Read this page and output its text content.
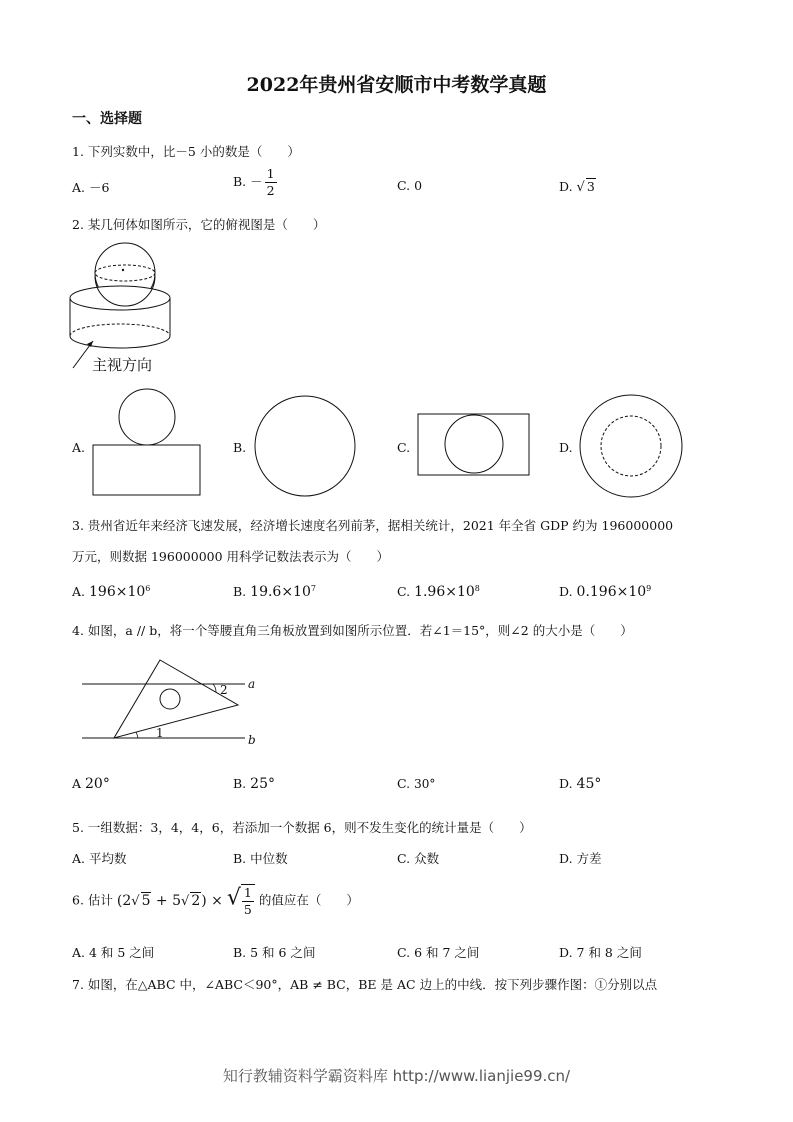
2022年贵州省安顺市中考数学真题
一、选择题
1. 下列实数中，比－5 小的数是（　　）
A. －6	B. － $\frac{1}{2}$	C. 0	D. √ 3
2. 某几何体如图所示，它的俯视图是（　　）
主视方向
A.	B.	C.	D.
3. 贵州省近年来经济飞速发展，经济增长速度名列前茅，据相关统计，2021 年全省 GDP 约为 196000000
万元，则数据 196000000 用科学记数法表示为（　　）
A. $196\times 10^6$	B. $19.6\times 10^7$	C. $1.96\times 10^8$	D. $0.196\times 10^9$
4. 如图，a // b，将一个等腰直角三角板放置到如图所示位置．若∠1＝15°，则∠2 的大小是（　　）
a
b
1
2
A 20°	B. 25°	C. 30°	D. 45°
5. 一组数据：3，4，4，6，若添加一个数据 6，则不发生变化的统计量是（　　）
A. 平均数	B. 中位数	C. 众数	D. 方差
6. 估计 (2√ 5 + 5√ 2) × √ $\frac{1}{5}$ 的值应在（　　）
A. 4 和 5 之间	B. 5 和 6 之间	C. 6 和 7 之间	D. 7 和 8 之间
7. 如图，在△ABC 中，∠ABC＜90°，AB ≠ BC，BE 是 AC 边上的中线．按下列步骤作图：①分别以点
知行教辅资料学霸资料库 http://www.lianjie99.cn/
